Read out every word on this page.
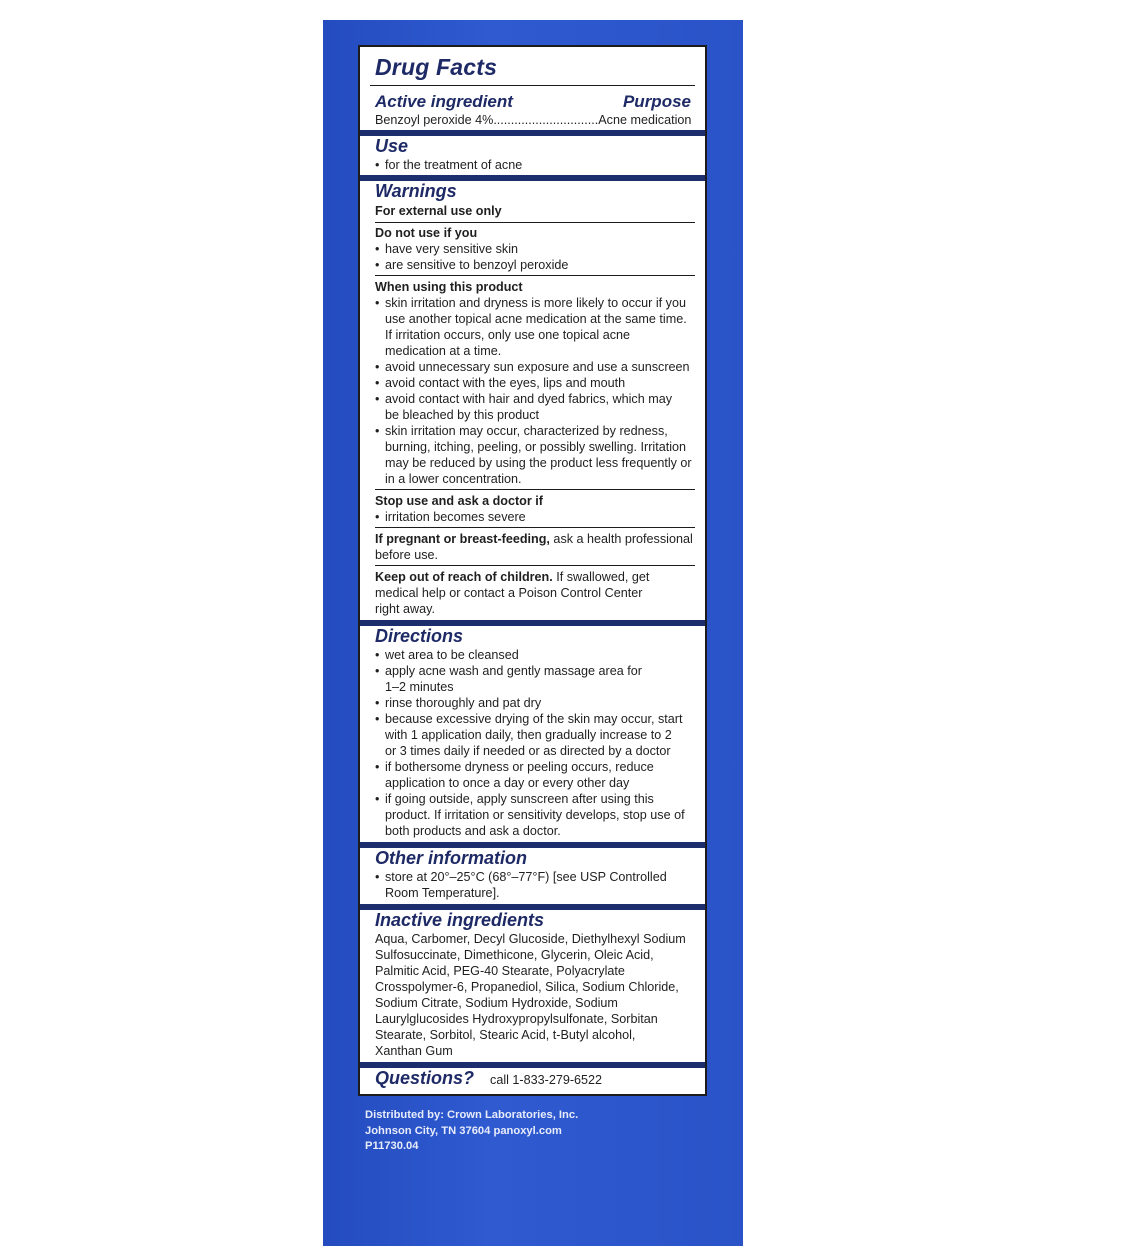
Drug Facts
Active ingredient	Purpose
Benzoyl peroxide 4% .............................. Acne medication
Use
• for the treatment of acne
Warnings
For external use only
Do not use if you
• have very sensitive skin
• are sensitive to benzoyl peroxide
When using this product
• skin irritation and dryness is more likely to occur if you
use another topical acne medication at the same time.
If irritation occurs, only use one topical acne
medication at a time.
• avoid unnecessary sun exposure and use a sunscreen
• avoid contact with the eyes, lips and mouth
• avoid contact with hair and dyed fabrics, which may
be bleached by this product
• skin irritation may occur, characterized by redness,
burning, itching, peeling, or possibly swelling. Irritation
may be reduced by using the product less frequently or
in a lower concentration.
Stop use and ask a doctor if
• irritation becomes severe
If pregnant or breast-feeding, ask a health professional
before use.
Keep out of reach of children. If swallowed, get
medical help or contact a Poison Control Center
right away.
Directions
• wet area to be cleansed
• apply acne wash and gently massage area for
1–2 minutes
• rinse thoroughly and pat dry
• because excessive drying of the skin may occur, start
with 1 application daily, then gradually increase to 2
or 3 times daily if needed or as directed by a doctor
• if bothersome dryness or peeling occurs, reduce
application to once a day or every other day
• if going outside, apply sunscreen after using this
product. If irritation or sensitivity develops, stop use of
both products and ask a doctor.
Other information
• store at 20°–25°C (68°–77°F) [see USP Controlled
Room Temperature].
Inactive ingredients
Aqua, Carbomer, Decyl Glucoside, Diethylhexyl Sodium
Sulfosuccinate, Dimethicone, Glycerin, Oleic Acid,
Palmitic Acid, PEG-40 Stearate, Polyacrylate
Crosspolymer-6, Propanediol, Silica, Sodium Chloride,
Sodium Citrate, Sodium Hydroxide, Sodium
Laurylglucosides Hydroxypropylsulfonate, Sorbitan
Stearate, Sorbitol, Stearic Acid, t-Butyl alcohol,
Xanthan Gum
Questions? call 1-833-279-6522
Distributed by: Crown Laboratories, Inc.
Johnson City, TN 37604 panoxyl.com
P11730.04
